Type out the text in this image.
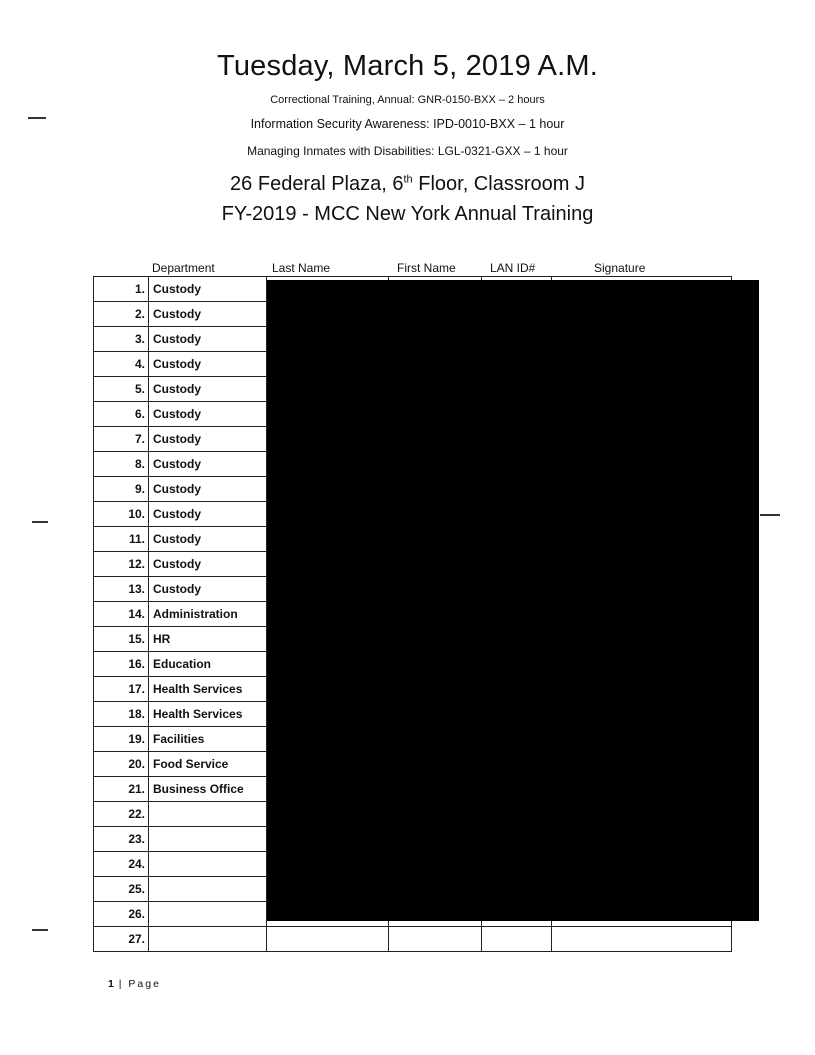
Tuesday, March 5, 2019 A.M.
Correctional Training, Annual: GNR-0150-BXX – 2 hours
Information Security Awareness: IPD-0010-BXX – 1 hour
Managing Inmates with Disabilities: LGL-0321-GXX – 1 hour
26 Federal Plaza, 6th Floor, Classroom J
FY-2019 - MCC New York Annual Training
Department	Last Name	First Name	LAN ID#	Signature
1.	Custody				
2.	Custody				
3.	Custody				
4.	Custody				
5.	Custody				
6.	Custody				
7.	Custody				
8.	Custody				
9.	Custody				
10.	Custody				
11.	Custody				
12.	Custody				
13.	Custody				
14.	Administration				
15.	HR				
16.	Education				
17.	Health Services				
18.	Health Services				
19.	Facilities				
20.	Food Service				
21.	Business Office				
22.					
23.					
24.					
25.					
26.					
27.					
1 | Page
